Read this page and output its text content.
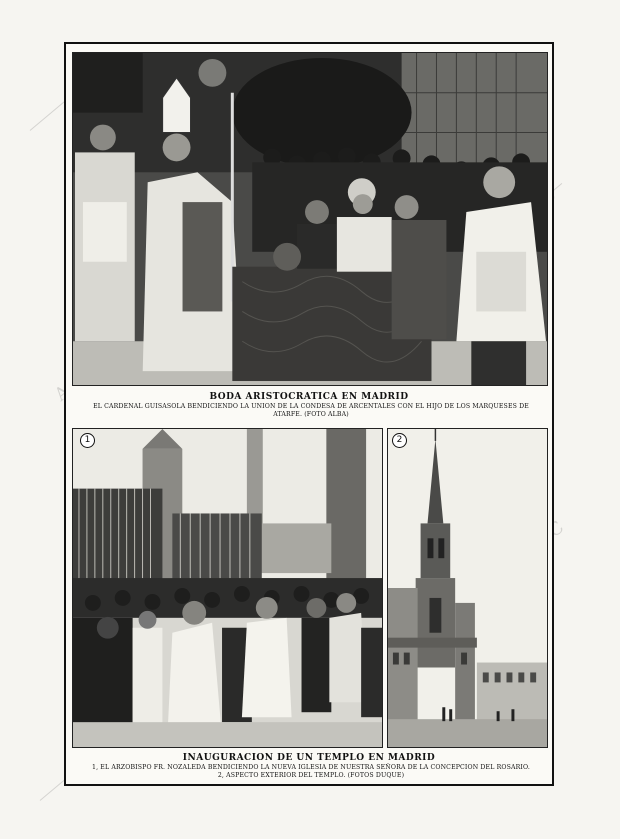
BODA ARISTOCRATICA EN MADRID
EL CARDENAL GUISASOLA BENDICIENDO LA UNION DE LA CONDESA DE ARCENTALES CON EL HIJO DE LOS MARQUESES DE ATARFE. (FOTO ALBA)
1	2
INAUGURACION DE UN TEMPLO EN MADRID
1, EL ARZOBISPO FR. NOZALEDA BENDICIENDO LA NUEVA IGLESIA DE NUESTRA SEÑORA DE LA CONCEPCION DEL ROSARIO.
2, ASPECTO EXTERIOR DEL TEMPLO. (FOTOS DUQUE)
